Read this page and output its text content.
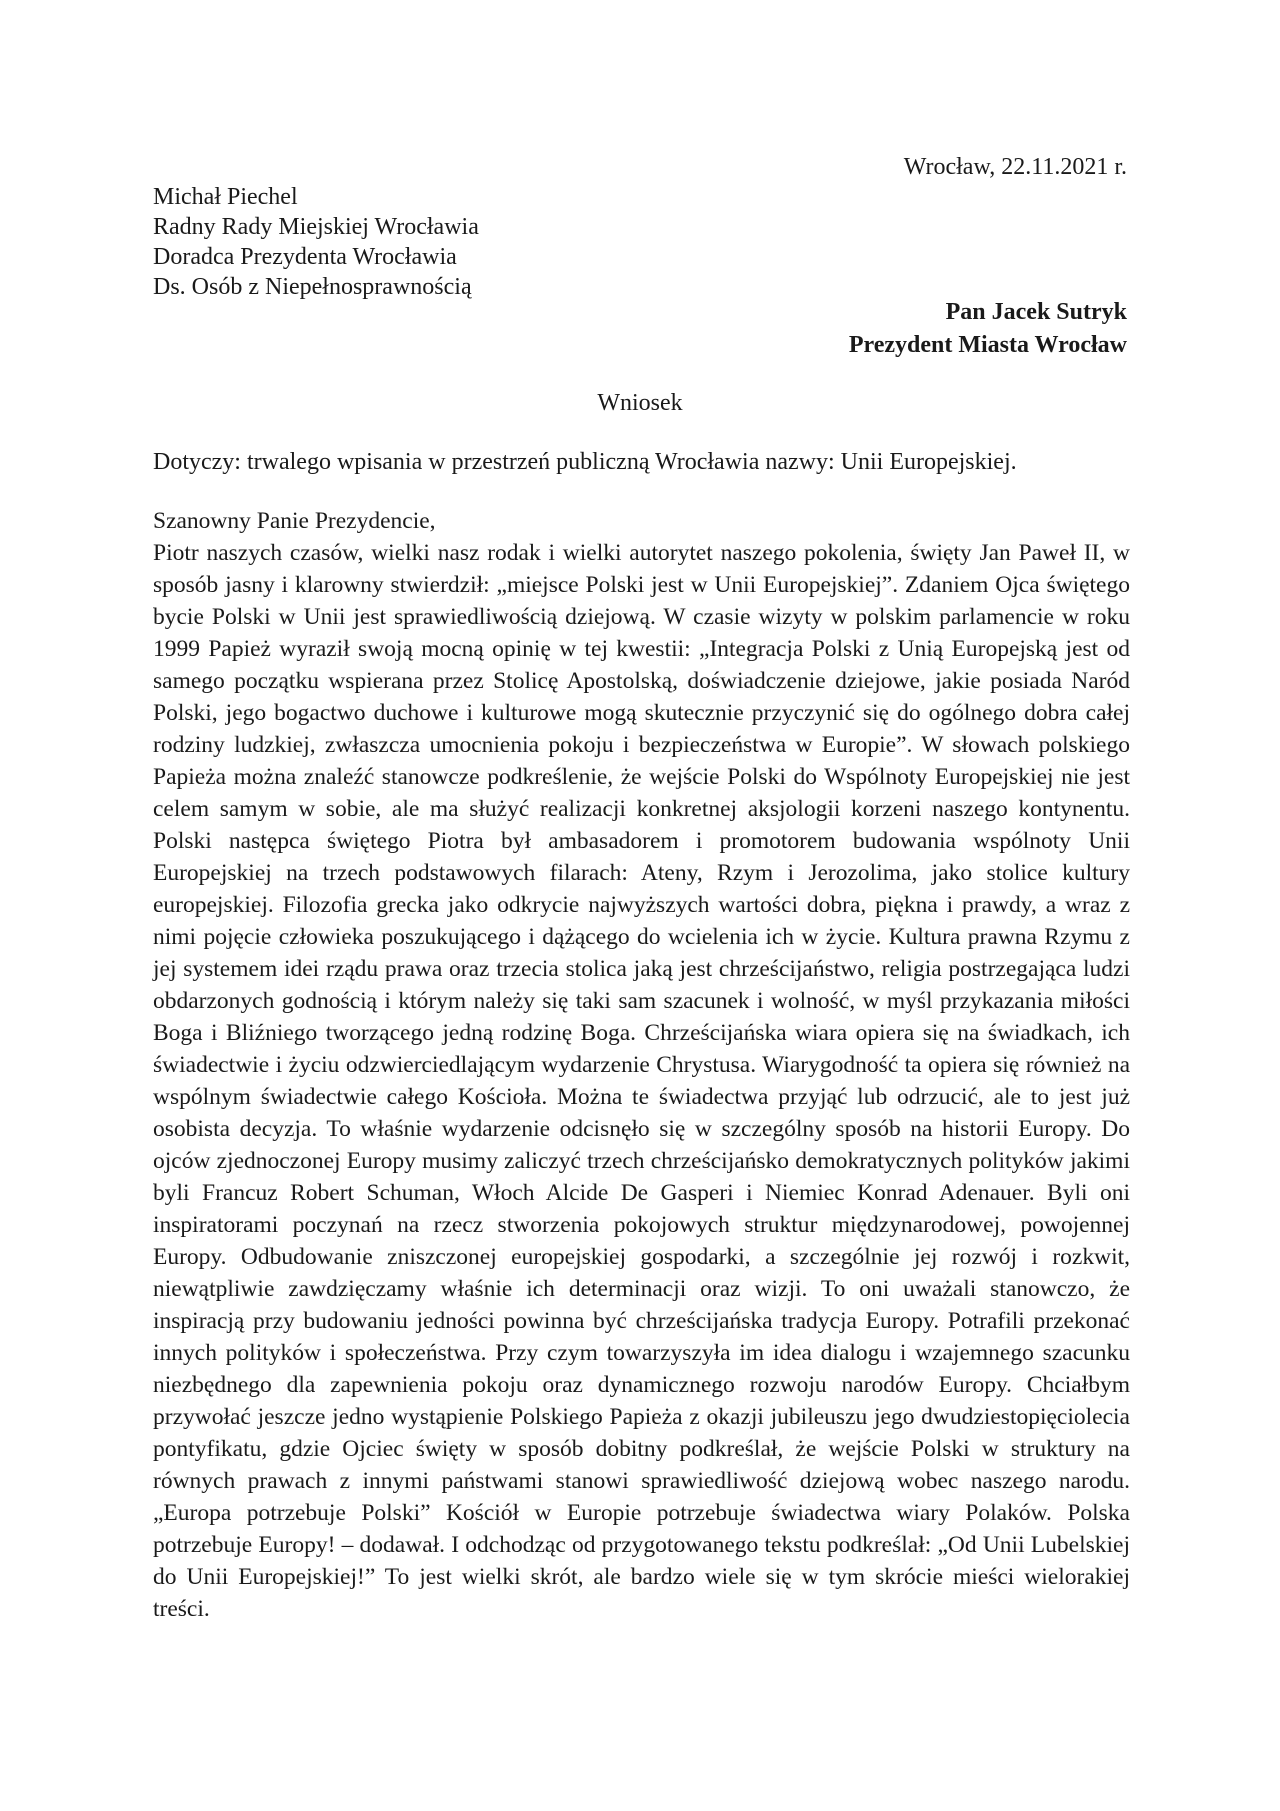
Wrocław, 22.11.2021 r.
Michał Piechel
Radny Rady Miejskiej Wrocławia
Doradca Prezydenta Wrocławia
Ds. Osób z Niepełnosprawnością
Pan Jacek Sutryk
Prezydent Miasta Wrocław
Wniosek
Dotyczy: trwalego wpisania w przestrzeń publiczną Wrocławia nazwy: Unii Europejskiej.

Szanowny Panie Prezydencie,

Piotr naszych czasów, wielki nasz rodak i wielki autorytet naszego pokolenia, święty Jan Paweł II, w sposób jasny i klarowny stwierdził: „miejsce Polski jest w Unii Europejskiej”. Zdaniem Ojca świętego bycie Polski w Unii jest sprawiedliwością dziejową. W czasie wizyty w polskim parlamencie w roku 1999 Papież wyraził swoją mocną opinię w tej kwestii: „Integracja Polski z Unią Europejską jest od samego początku wspierana przez Stolicę Apostolską, doświadczenie dziejowe, jakie posiada Naród Polski, jego bogactwo duchowe i kulturowe mogą skutecznie przyczynić się do ogólnego dobra całej rodziny ludzkiej, zwłaszcza umocnienia pokoju i bezpieczeństwa w Europie”. W słowach polskiego Papieża można znaleźć stanowcze podkreślenie, że wejście Polski do Wspólnoty Europejskiej nie jest celem samym w sobie, ale ma służyć realizacji konkretnej aksjologii korzeni naszego kontynentu. Polski następca świętego Piotra był ambasadorem i promotorem budowania wspólnoty Unii Europejskiej na trzech podstawowych filarach: Ateny, Rzym i Jerozolima, jako stolice kultury europejskiej. Filozofia grecka jako odkrycie najwyższych wartości dobra, piękna i prawdy, a wraz z nimi pojęcie człowieka poszukującego i dążącego do wcielenia ich w życie. Kultura prawna Rzymu z jej systemem idei rządu prawa oraz trzecia stolica jaką jest chrześcijaństwo, religia postrzegająca ludzi obdarzonych godnością i którym należy się taki sam szacunek i wolność, w myśl przykazania miłości Boga i Bliźniego tworzącego jedną rodzinę Boga. Chrześcijańska wiara opiera się na świadkach, ich świadectwie i życiu odzwierciedlającym wydarzenie Chrystusa. Wiarygodność ta opiera się również na wspólnym świadectwie całego Kościoła. Można te świadectwa przyjąć lub odrzucić, ale to jest już osobista decyzja. To właśnie wydarzenie odcisnęło się w szczególny sposób na historii Europy. Do ojców zjednoczonej Europy musimy zaliczyć trzech chrześcijańsko demokratycznych polityków jakimi byli Francuz Robert Schuman, Włoch Alcide De Gasperi i Niemiec Konrad Adenauer. Byli oni inspiratorami poczynań na rzecz stworzenia pokojowych struktur międzynarodowej, powojennej Europy. Odbudowanie zniszczonej europejskiej gospodarki, a szczególnie jej rozwój i rozkwit, niewątpliwie zawdzięczamy właśnie ich determinacji oraz wizji. To oni uważali stanowczo, że inspiracją przy budowaniu jedności powinna być chrześcijańska tradycja Europy. Potrafili przekonać innych polityków i społeczeństwa. Przy czym towarzyszyła im idea dialogu i wzajemnego szacunku niezbędnego dla zapewnienia pokoju oraz dynamicznego rozwoju narodów Europy. Chciałbym przywołać jeszcze jedno wystąpienie Polskiego Papieża z okazji jubileuszu jego dwudziestopięciolecia pontyfikatu, gdzie Ojciec święty w sposób dobitny podkreślał, że wejście Polski w struktury na równych prawach z innymi państwami stanowi sprawiedliwość dziejową wobec naszego narodu. „Europa potrzebuje Polski” Kościół w Europie potrzebuje świadectwa wiary Polaków. Polska potrzebuje Europy! – dodawał. I odchodząc od przygotowanego tekstu podkreślał: „Od Unii Lubelskiej do Unii Europejskiej!” To jest wielki skrót, ale bardzo wiele się w tym skrócie mieści wielorakiej treści.
